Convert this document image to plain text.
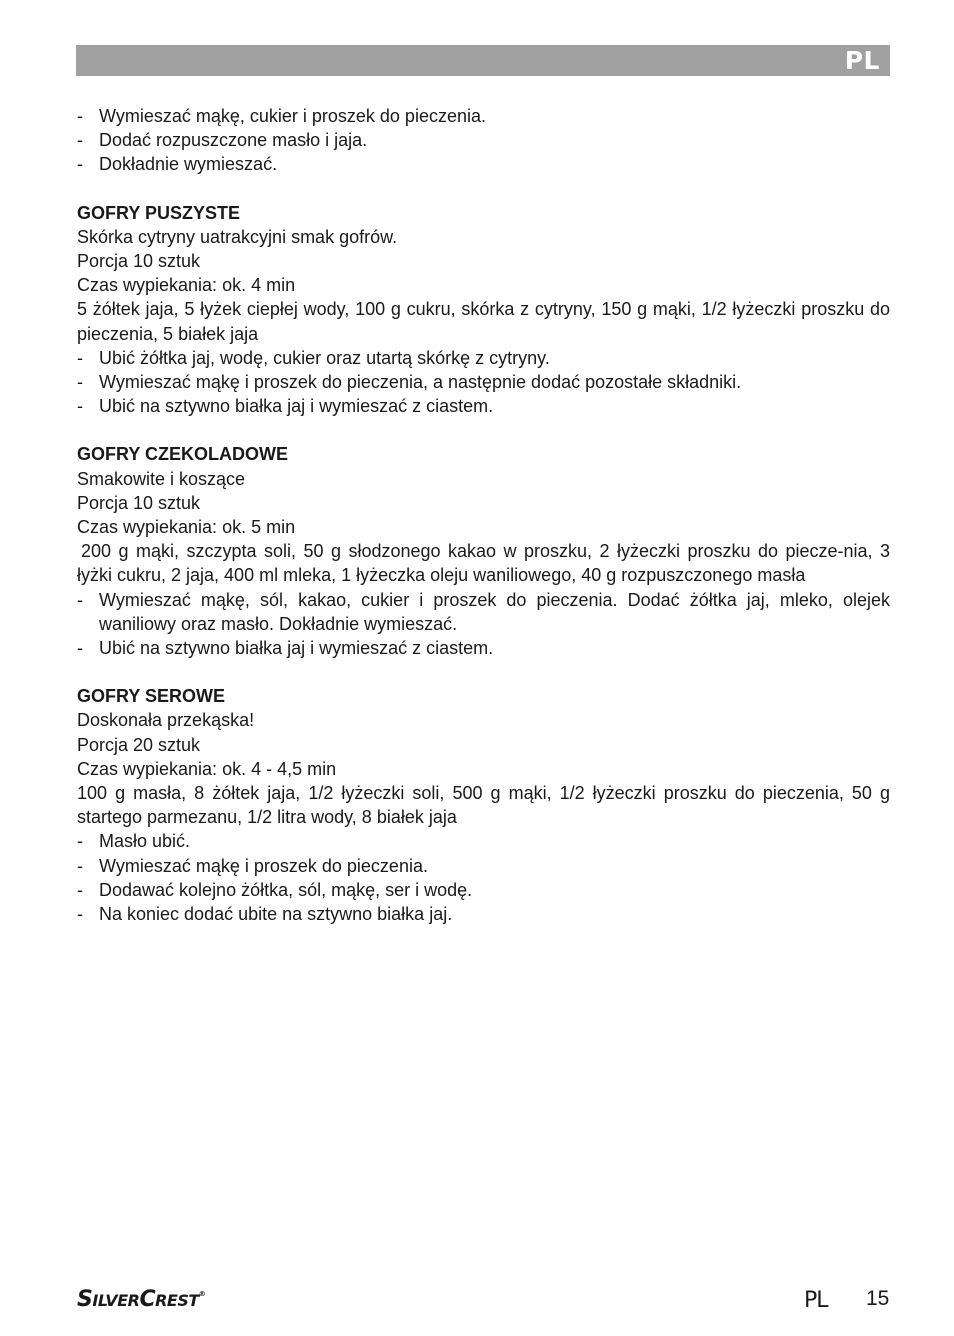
PL
- Wymieszać mąkę, cukier i proszek do pieczenia.
- Dodać rozpuszczone masło i jaja.
- Dokładnie wymieszać.
GOFRY PUSZYSTE

Skórka cytryny uatrakcyjni smak gofrów.

Porcja 10 sztuk

Czas wypiekania: ok. 4 min

5 żółtek jaja, 5 łyżek ciepłej wody, 100 g cukru, skórka z cytryny, 150 g mąki, 1/2 łyżeczki proszku do pieczenia, 5 białek jaja

- Ubić żółtka jaj, wodę, cukier oraz utartą skórkę z cytryny.
- Wymieszać mąkę i proszek do pieczenia, a następnie dodać pozostałe składniki.
- Ubić na sztywno białka jaj i wymieszać z ciastem.
GOFRY CZEKOLADOWE

Smakowite i koszące

Porcja 10 sztuk

Czas wypiekania: ok. 5 min

200 g mąki, szczypta soli, 50 g słodzonego kakao w proszku, 2 łyżeczki proszku do piecze-nia, 3 łyżki cukru, 2 jaja, 400 ml mleka, 1 łyżeczka oleju waniliowego, 40 g rozpuszczonego masła

- Wymieszać mąkę, sól, kakao, cukier i proszek do pieczenia. Dodać żółtka jaj, mleko, olejek waniliowy oraz masło. Dokładnie wymieszać.
- Ubić na sztywno białka jaj i wymieszać z ciastem.
GOFRY SEROWE

Doskonała przekąska!

Porcja 20 sztuk

Czas wypiekania: ok. 4 - 4,5 min

100 g masła, 8 żółtek jaja, 1/2 łyżeczki soli, 500 g mąki, 1/2 łyżeczki proszku do pieczenia, 50 g startego parmezanu, 1/2 litra wody, 8 białek jaja

- Masło ubić.
- Wymieszać mąkę i proszek do pieczenia.
- Dodawać kolejno żółtka, sól, mąkę, ser i wodę.
- Na koniec dodać ubite na sztywno białka jaj.
SILVERCREST®	PL 15
